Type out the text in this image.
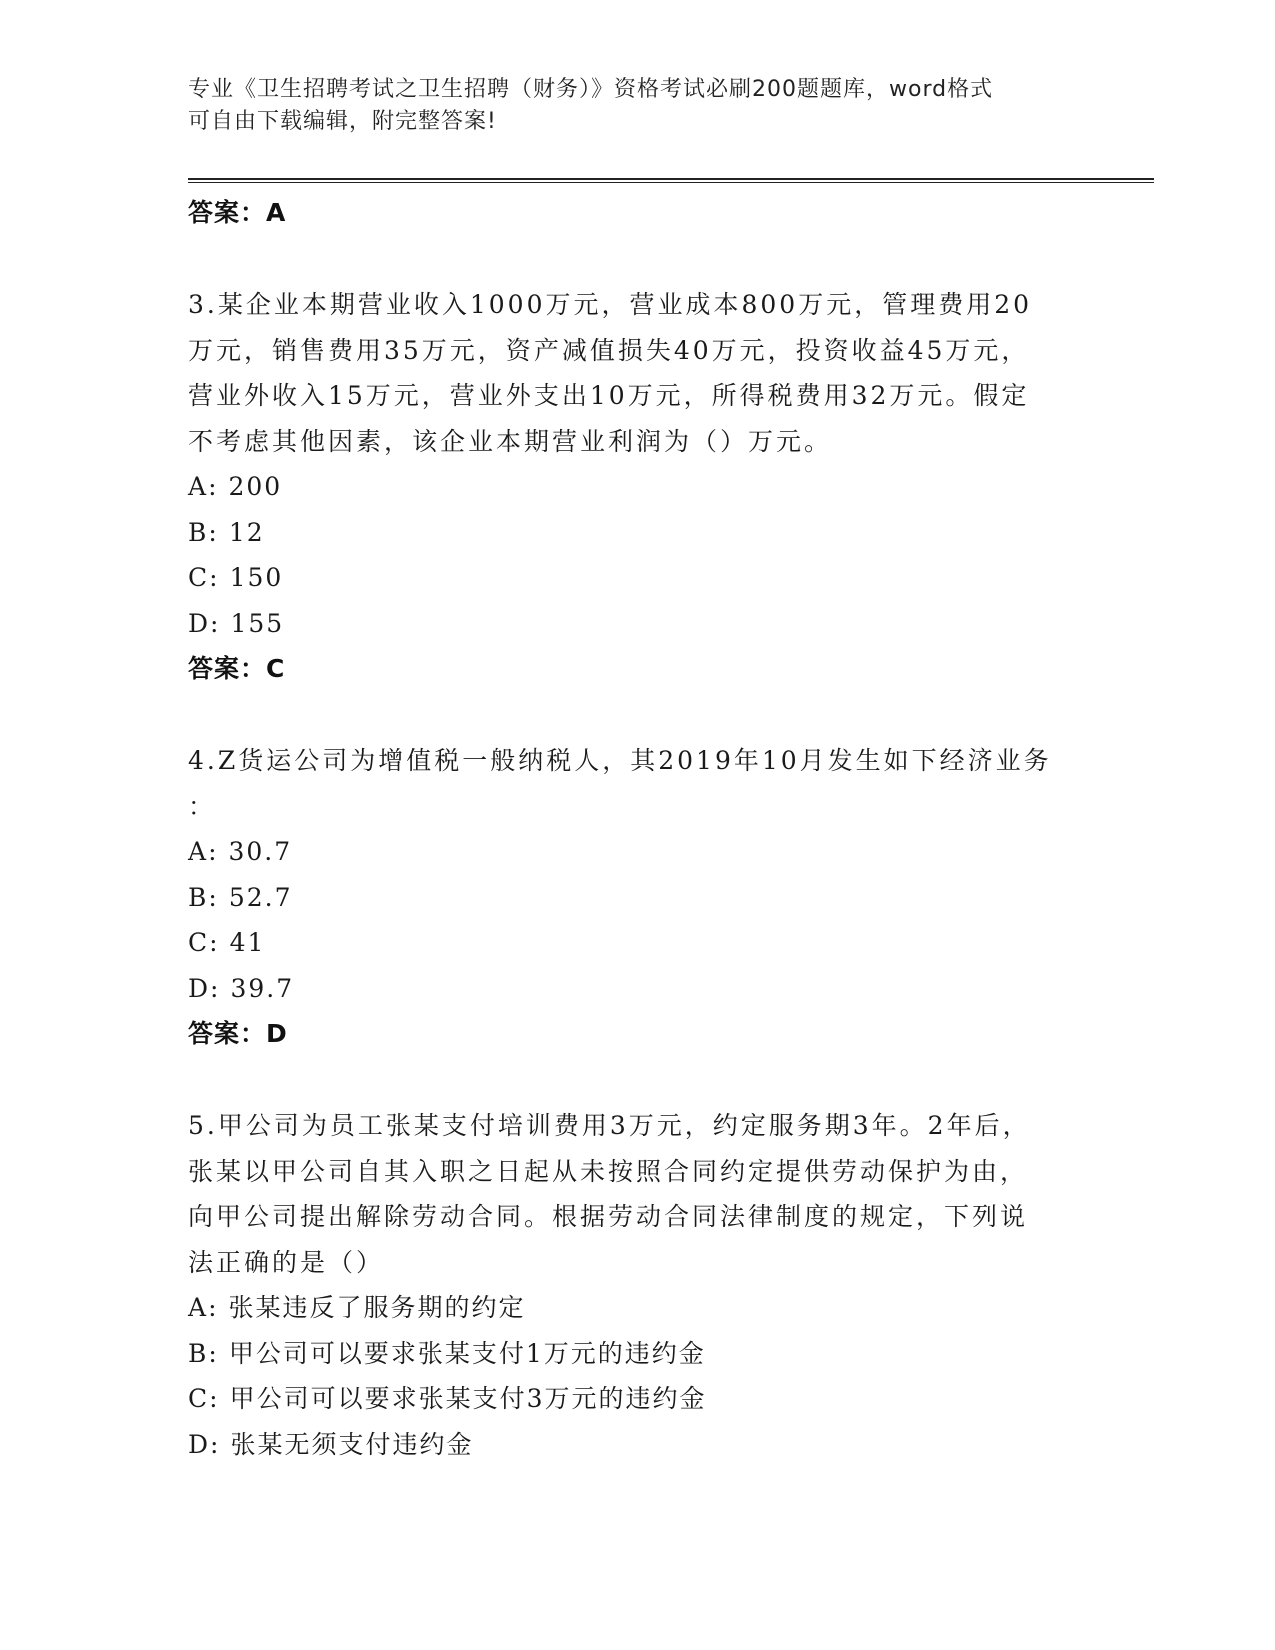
专业《卫生招聘考试之卫生招聘（财务）》资格考试必刷200题题库，word格式
可自由下载编辑，附完整答案!
答案：A
3.某企业本期营业收入1000万元，营业成本800万元，管理费用20
万元，销售费用35万元，资产减值损失40万元，投资收益45万元，
营业外收入15万元，营业外支出10万元，所得税费用32万元。假定
不考虑其他因素，该企业本期营业利润为（）万元。
A: 200
B: 12
C: 150
D: 155
答案：C
4.Z货运公司为增值税一般纳税人，其2019年10月发生如下经济业务
：
A: 30.7
B: 52.7
C: 41
D: 39.7
答案：D
5.甲公司为员工张某支付培训费用3万元，约定服务期3年。2年后，
张某以甲公司自其入职之日起从未按照合同约定提供劳动保护为由，
向甲公司提出解除劳动合同。根据劳动合同法律制度的规定，下列说
法正确的是（）
A: 张某违反了服务期的约定
B: 甲公司可以要求张某支付1万元的违约金
C: 甲公司可以要求张某支付3万元的违约金
D: 张某无须支付违约金
